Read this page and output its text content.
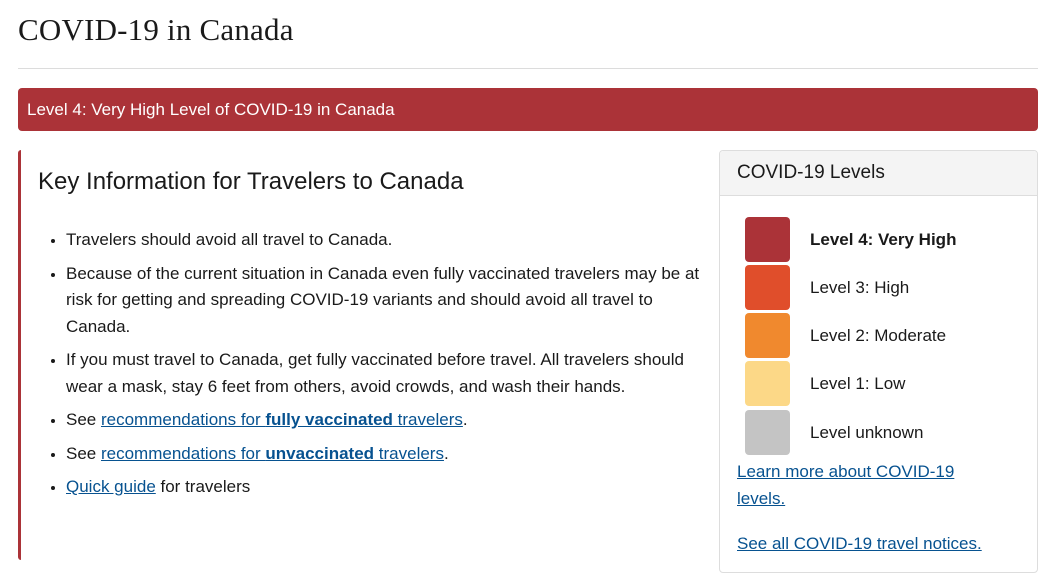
COVID-19 in Canada
Level 4: Very High Level of COVID-19 in Canada
Key Information for Travelers to Canada
• Travelers should avoid all travel to Canada.
• Because of the current situation in Canada even fully vaccinated travelers may be at risk for getting and spreading COVID-19 variants and should avoid all travel to Canada.
• If you must travel to Canada, get fully vaccinated before travel. All travelers should wear a mask, stay 6 feet from others, avoid crowds, and wash their hands.
• See recommendations for fully vaccinated travelers.
• See recommendations for unvaccinated travelers.
• Quick guide for travelers
COVID-19 Levels
Level 4: Very High
Level 3: High
Level 2: Moderate
Level 1: Low
Level unknown
Learn more about COVID-19 levels.
See all COVID-19 travel notices.
